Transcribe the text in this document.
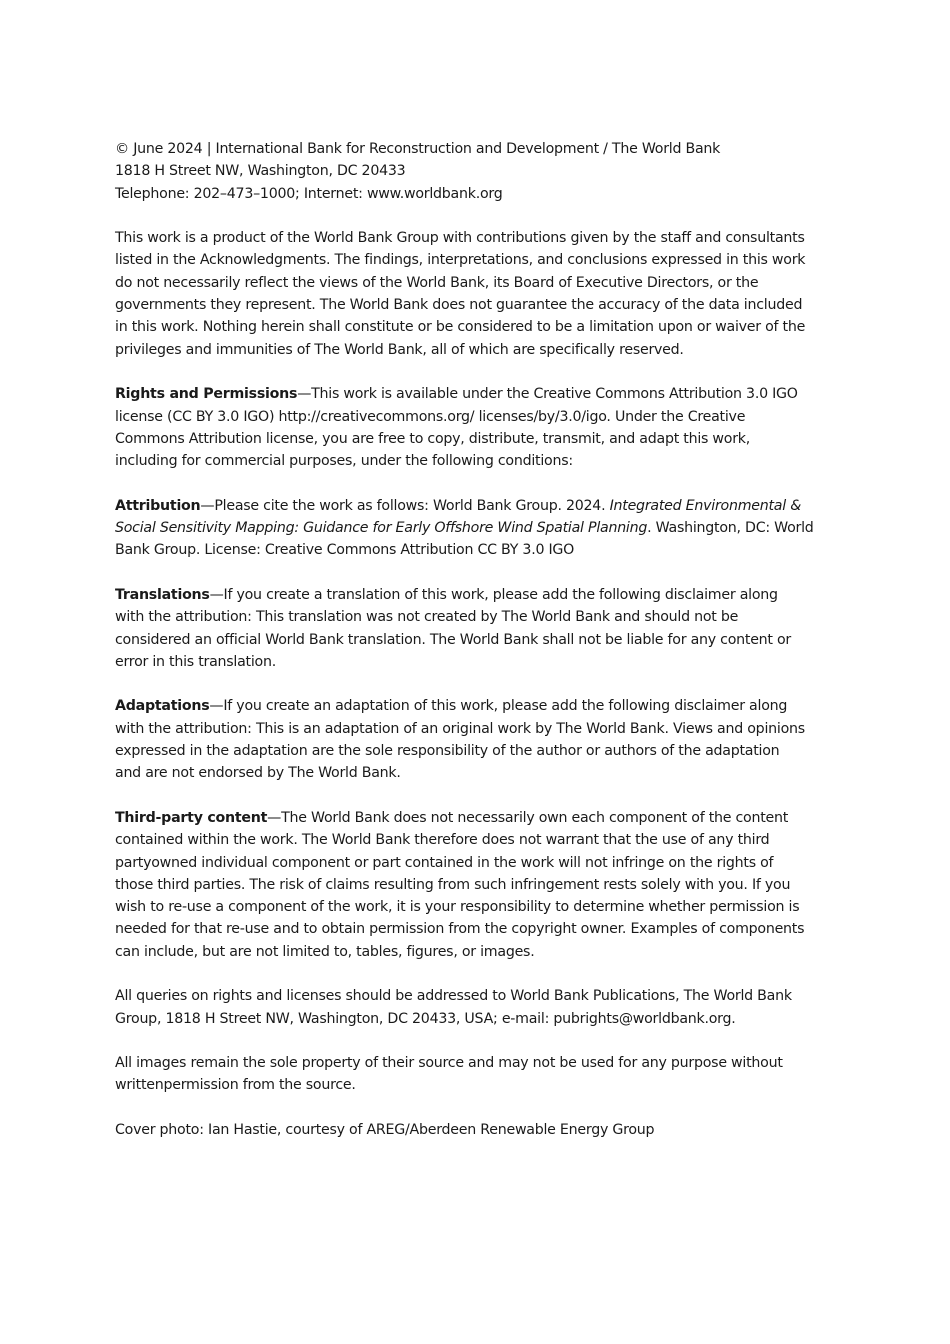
© June 2024 | International Bank for Reconstruction and Development / The World Bank
1818 H Street NW, Washington, DC 20433
Telephone: 202–473–1000; Internet: www.worldbank.org
This work is a product of the World Bank Group with contributions given by the staff and consultants
listed in the Acknowledgments. The findings, interpretations, and conclusions expressed in this work
do not necessarily reflect the views of the World Bank, its Board of Executive Directors, or the
governments they represent. The World Bank does not guarantee the accuracy of the data included
in this work. Nothing herein shall constitute or be considered to be a limitation upon or waiver of the
privileges and immunities of The World Bank, all of which are specifically reserved.
Rights and Permissions—This work is available under the Creative Commons Attribution 3.0 IGO
license (CC BY 3.0 IGO) http://creativecommons.org/ licenses/by/3.0/igo. Under the Creative
Commons Attribution license, you are free to copy, distribute, transmit, and adapt this work,
including for commercial purposes, under the following conditions:
Attribution—Please cite the work as follows: World Bank Group. 2024. Integrated Environmental &
Social Sensitivity Mapping: Guidance for Early Offshore Wind Spatial Planning. Washington, DC: World
Bank Group. License: Creative Commons Attribution CC BY 3.0 IGO
Translations—If you create a translation of this work, please add the following disclaimer along
with the attribution: This translation was not created by The World Bank and should not be
considered an official World Bank translation. The World Bank shall not be liable for any content or
error in this translation.
Adaptations—If you create an adaptation of this work, please add the following disclaimer along
with the attribution: This is an adaptation of an original work by The World Bank. Views and opinions
expressed in the adaptation are the sole responsibility of the author or authors of the adaptation
and are not endorsed by The World Bank.
Third-party content—The World Bank does not necessarily own each component of the content
contained within the work. The World Bank therefore does not warrant that the use of any third
partyowned individual component or part contained in the work will not infringe on the rights of
those third parties. The risk of claims resulting from such infringement rests solely with you. If you
wish to re-use a component of the work, it is your responsibility to determine whether permission is
needed for that re-use and to obtain permission from the copyright owner. Examples of components
can include, but are not limited to, tables, figures, or images.
All queries on rights and licenses should be addressed to World Bank Publications, The World Bank
Group, 1818 H Street NW, Washington, DC 20433, USA; e-mail: pubrights@worldbank.org.
All images remain the sole property of their source and may not be used for any purpose without
writtenpermission from the source.
Cover photo: Ian Hastie, courtesy of AREG/Aberdeen Renewable Energy Group
